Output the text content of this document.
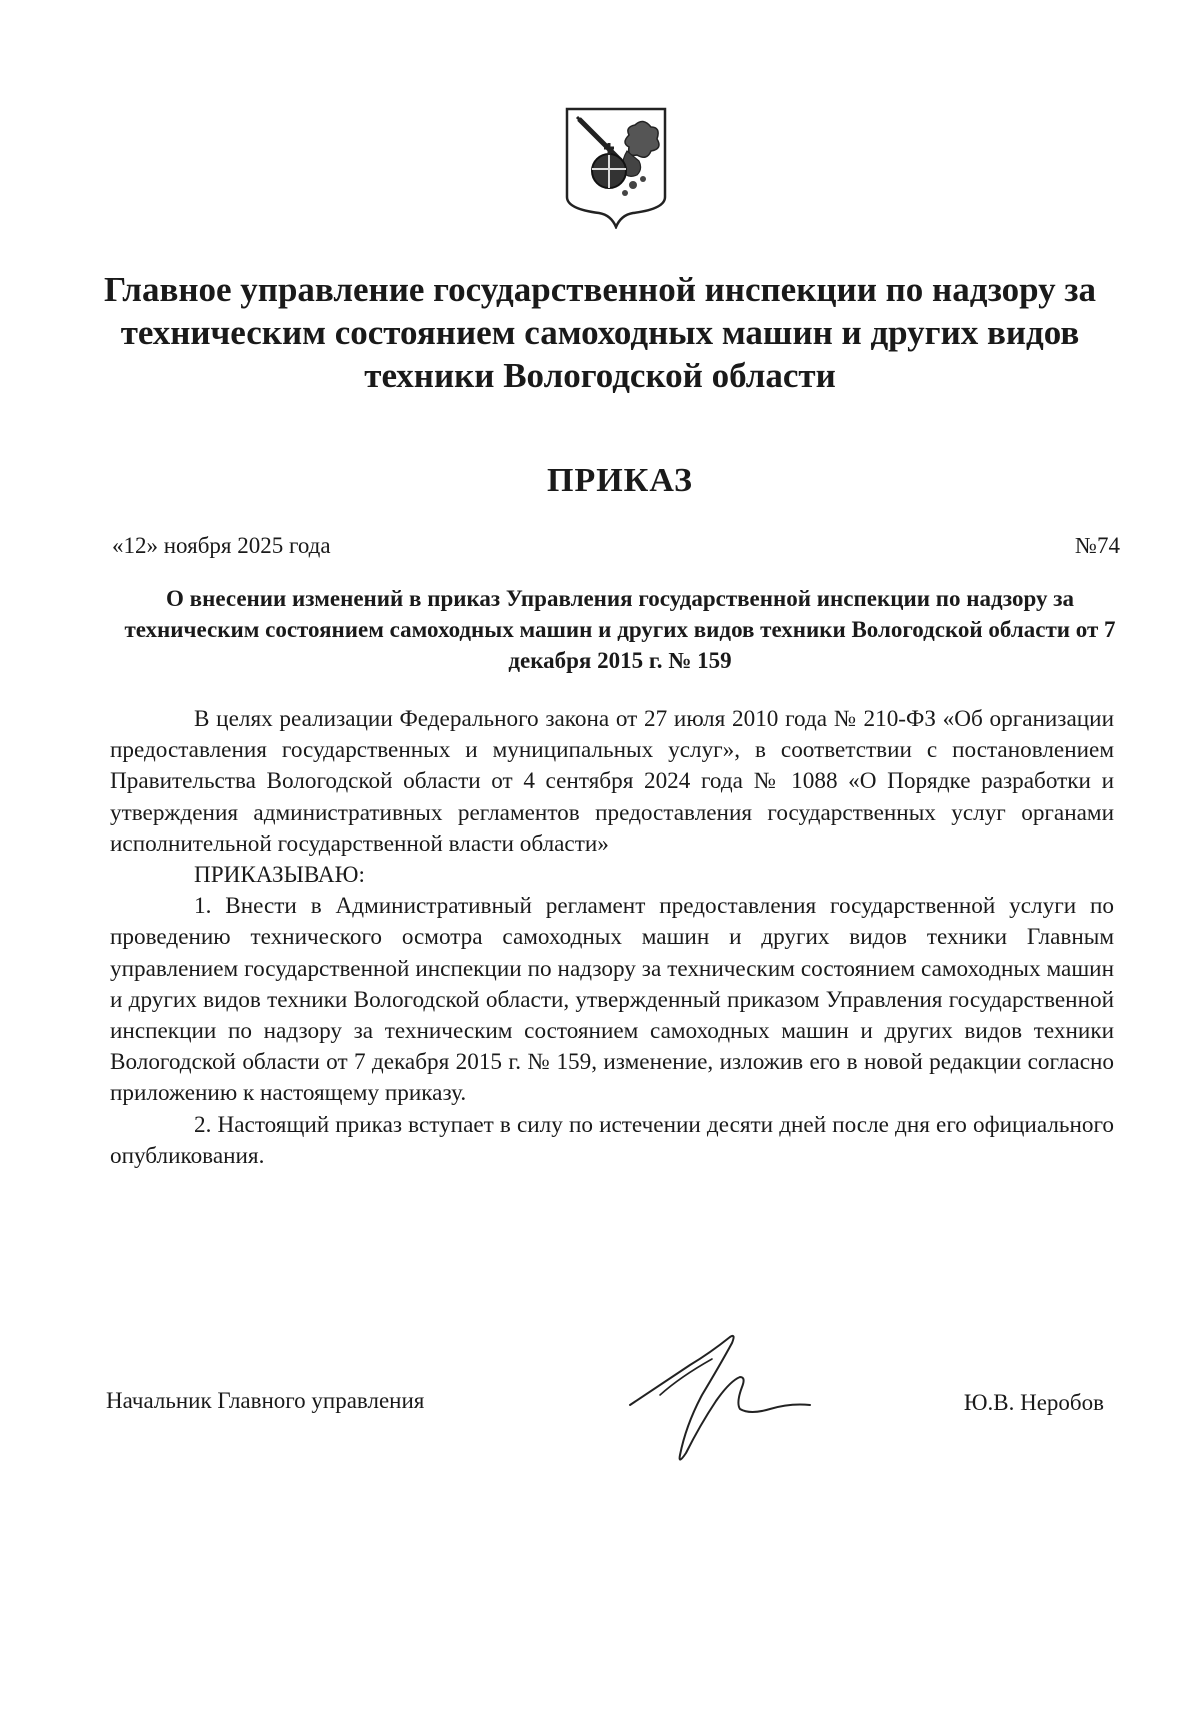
Главное управление государственной инспекции по надзору за техническим состоянием самоходных машин и других видов техники Вологодской области
ПРИКАЗ
«12» ноября 2025 года	№74
О внесении изменений в приказ Управления государственной инспекции по надзору за техническим состоянием самоходных машин и других видов техники Вологодской области от 7 декабря 2015 г. № 159

В целях реализации Федерального закона от 27 июля 2010 года № 210-ФЗ «Об организации предоставления государственных и муниципальных услуг», в соответствии с постановлением Правительства Вологодской области от 4 сентября 2024 года № 1088 «О Порядке разработки и утверждения административных регламентов предоставления государственных услуг органами исполнительной государственной власти области»

ПРИКАЗЫВАЮ:

1. Внести в Административный регламент предоставления государственной услуги по проведению технического осмотра самоходных машин и других видов техники Главным управлением государственной инспекции по надзору за техническим состоянием самоходных машин и других видов техники Вологодской области, утвержденный приказом Управления государственной инспекции по надзору за техническим состоянием самоходных машин и других видов техники Вологодской области от 7 декабря 2015 г. № 159, изменение, изложив его в новой редакции согласно приложению к настоящему приказу.

2. Настоящий приказ вступает в силу по истечении десяти дней после дня его официального опубликования.

Начальник Главного управления	Ю.В. Неробов
